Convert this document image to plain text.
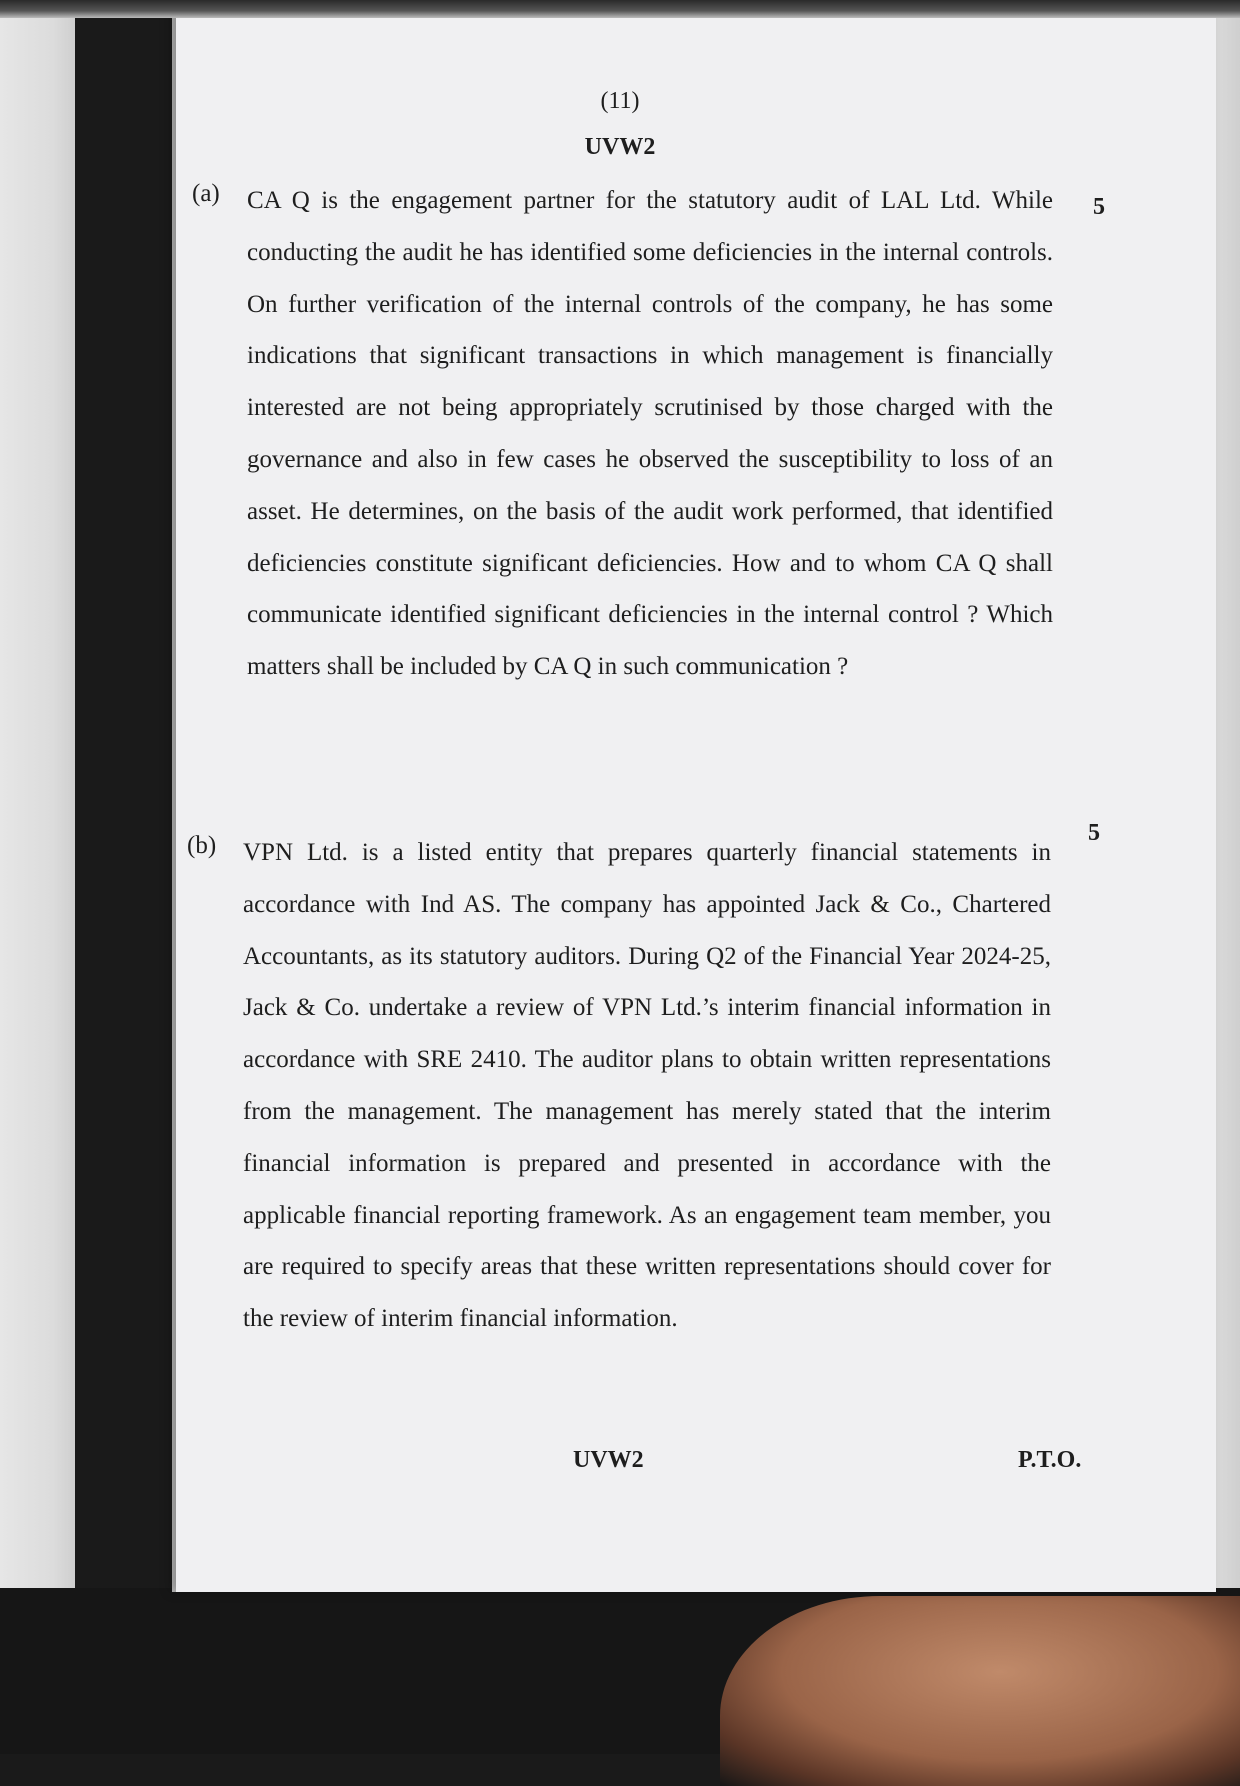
(11)
UVW2
(a) CA Q is the engagement partner for the statutory audit of LAL Ltd. While conducting the audit he has identified some deficiencies in the internal controls. On further verification of the internal controls of the company, he has some indications that significant transactions in which management is financially interested are not being appropriately scrutinised by those charged with the governance and also in few cases he observed the susceptibility to loss of an asset. He determines, on the basis of the audit work performed, that identified deficiencies constitute significant deficiencies. How and to whom CA Q shall communicate identified significant deficiencies in the internal control ? Which matters shall be included by CA Q in such communication ?
5
(b) VPN Ltd. is a listed entity that prepares quarterly financial statements in accordance with Ind AS. The company has appointed Jack & Co., Chartered Accountants, as its statutory auditors. During Q2 of the Financial Year 2024-25, Jack & Co. undertake a review of VPN Ltd.’s interim financial information in accordance with SRE 2410. The auditor plans to obtain written representations from the management. The management has merely stated that the interim financial information is prepared and presented in accordance with the applicable financial reporting framework. As an engagement team member, you are required to specify areas that these written representations should cover for the review of interim financial information.
5
UVW2	P.T.O.
